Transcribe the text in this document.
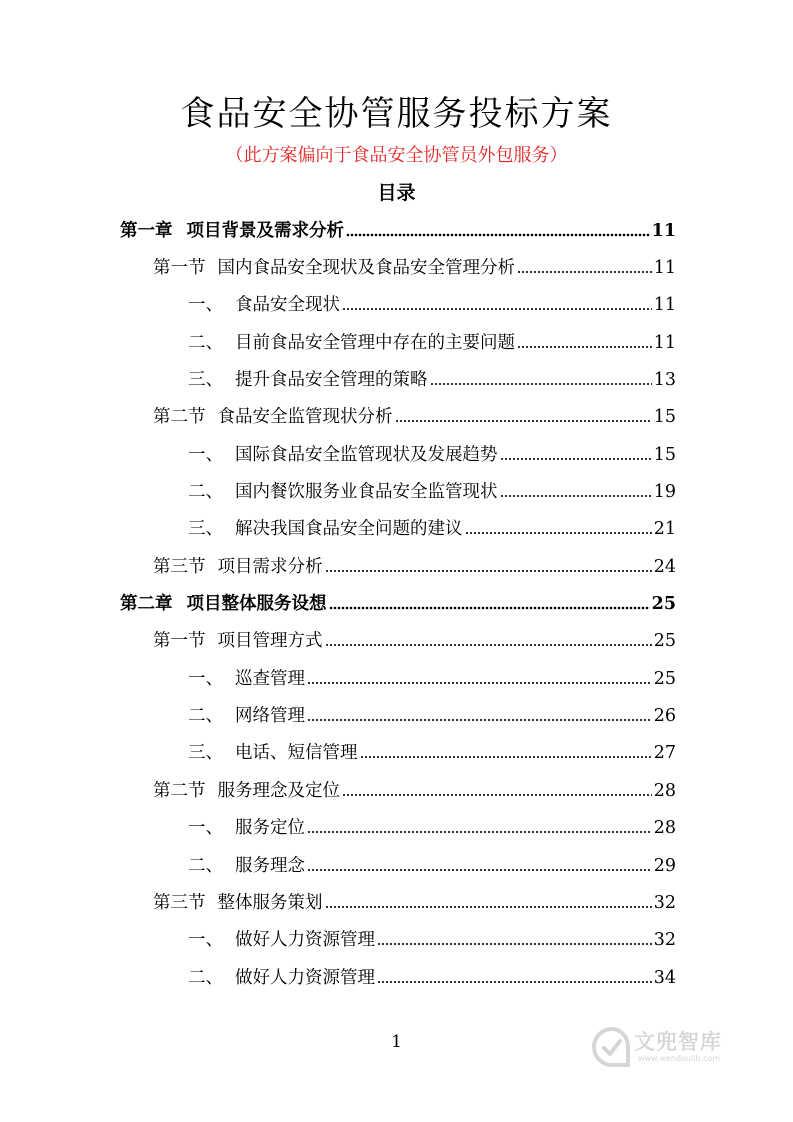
食品安全协管服务投标方案
（此方案偏向于食品安全协管员外包服务）
目录
第一章 项目背景及需求分析	11
第一节 国内食品安全现状及食品安全管理分析	11
一、 食品安全现状	11
二、 目前食品安全管理中存在的主要问题	11
三、 提升食品安全管理的策略	13
第二节 食品安全监管现状分析	15
一、 国际食品安全监管现状及发展趋势	15
二、 国内餐饮服务业食品安全监管现状	19
三、 解决我国食品安全问题的建议	21
第三节 项目需求分析	24
第二章 项目整体服务设想	25
第一节 项目管理方式	25
一、 巡查管理	25
二、 网络管理	26
三、 电话、短信管理	27
第二节 服务理念及定位	28
一、 服务定位	28
二、 服务理念	29
第三节 整体服务策划	32
一、 做好人力资源管理	32
二、 做好人力资源管理	34
1	文兜智库
www.wendoulib.com
